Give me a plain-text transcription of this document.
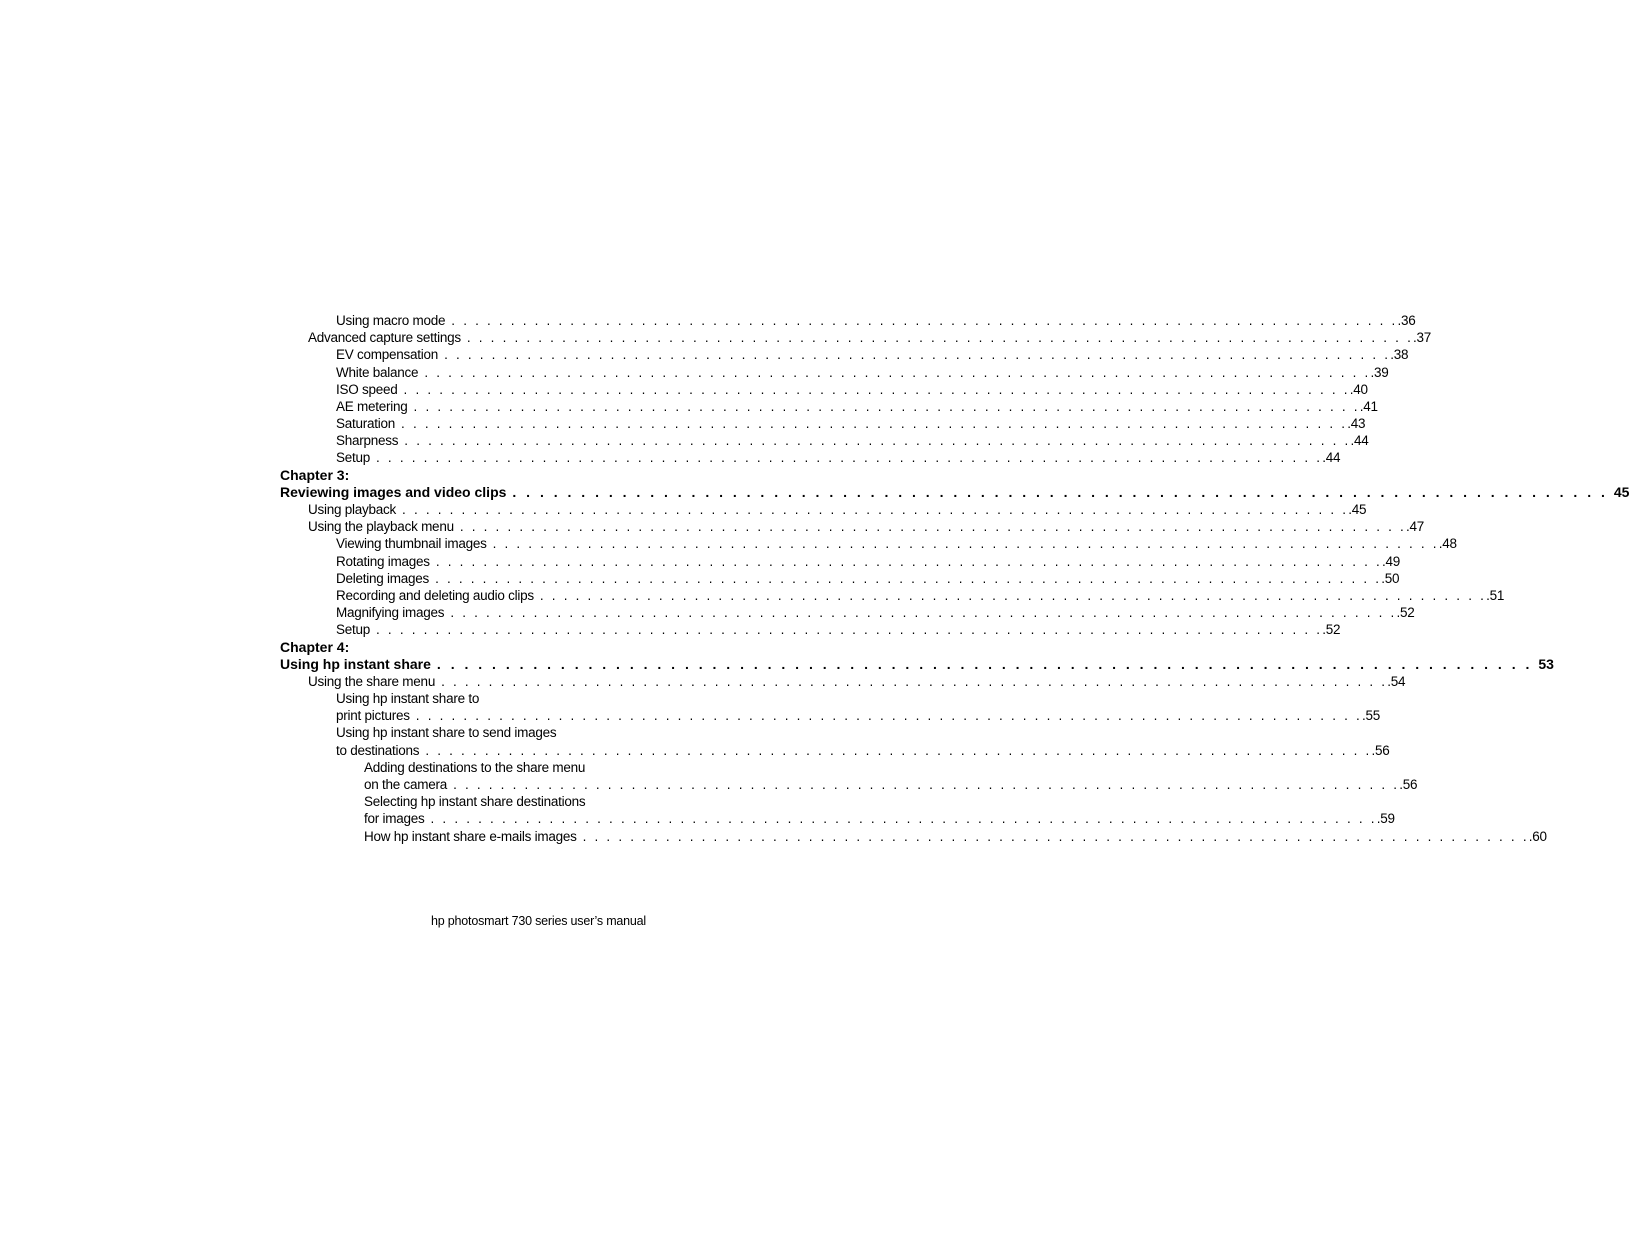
Using macro mode . . . . . . . . . . . . . . . . . . . . . . . . . . . . . . . . . . . . . . . . . . . . . . . . . . . . . . . . . . . . . . . . . . . . . . . . . . . . . . . . .36
Advanced capture settings . . . . . . . . . . . . . . . . . . . . . . . . . . . . . . . . . . . . . . . . . . . . . . . . . . . . . . . . . . . . . . . . . . . . . . . . . . . . . . . . .37
EV compensation . . . . . . . . . . . . . . . . . . . . . . . . . . . . . . . . . . . . . . . . . . . . . . . . . . . . . . . . . . . . . . . . . . . . . . . . . . . . . . . . .38
White balance . . . . . . . . . . . . . . . . . . . . . . . . . . . . . . . . . . . . . . . . . . . . . . . . . . . . . . . . . . . . . . . . . . . . . . . . . . . . . . . . .39
ISO speed . . . . . . . . . . . . . . . . . . . . . . . . . . . . . . . . . . . . . . . . . . . . . . . . . . . . . . . . . . . . . . . . . . . . . . . . . . . . . . . . .40
AE metering . . . . . . . . . . . . . . . . . . . . . . . . . . . . . . . . . . . . . . . . . . . . . . . . . . . . . . . . . . . . . . . . . . . . . . . . . . . . . . . . .41
Saturation . . . . . . . . . . . . . . . . . . . . . . . . . . . . . . . . . . . . . . . . . . . . . . . . . . . . . . . . . . . . . . . . . . . . . . . . . . . . . . . . .43
Sharpness . . . . . . . . . . . . . . . . . . . . . . . . . . . . . . . . . . . . . . . . . . . . . . . . . . . . . . . . . . . . . . . . . . . . . . . . . . . . . . . . .44
Setup . . . . . . . . . . . . . . . . . . . . . . . . . . . . . . . . . . . . . . . . . . . . . . . . . . . . . . . . . . . . . . . . . . . . . . . . . . . . . . . . .44
Chapter 3:
Reviewing images and video clips . . . . . . . . . . . . . . . . . . . . . . . . . . . . . . . . . . . . . . . . . . . . . . . . . . . . . . . . . . . . . . . . . . . . . . . . . . . . . . . . 45
Using playback . . . . . . . . . . . . . . . . . . . . . . . . . . . . . . . . . . . . . . . . . . . . . . . . . . . . . . . . . . . . . . . . . . . . . . . . . . . . . . . . .45
Using the playback menu . . . . . . . . . . . . . . . . . . . . . . . . . . . . . . . . . . . . . . . . . . . . . . . . . . . . . . . . . . . . . . . . . . . . . . . . . . . . . . . . .47
Viewing thumbnail images . . . . . . . . . . . . . . . . . . . . . . . . . . . . . . . . . . . . . . . . . . . . . . . . . . . . . . . . . . . . . . . . . . . . . . . . . . . . . . . . .48
Rotating images . . . . . . . . . . . . . . . . . . . . . . . . . . . . . . . . . . . . . . . . . . . . . . . . . . . . . . . . . . . . . . . . . . . . . . . . . . . . . . . . .49
Deleting images . . . . . . . . . . . . . . . . . . . . . . . . . . . . . . . . . . . . . . . . . . . . . . . . . . . . . . . . . . . . . . . . . . . . . . . . . . . . . . . . .50
Recording and deleting audio clips . . . . . . . . . . . . . . . . . . . . . . . . . . . . . . . . . . . . . . . . . . . . . . . . . . . . . . . . . . . . . . . . . . . . . . . . . . . . . . . . .51
Magnifying images . . . . . . . . . . . . . . . . . . . . . . . . . . . . . . . . . . . . . . . . . . . . . . . . . . . . . . . . . . . . . . . . . . . . . . . . . . . . . . . . .52
Setup . . . . . . . . . . . . . . . . . . . . . . . . . . . . . . . . . . . . . . . . . . . . . . . . . . . . . . . . . . . . . . . . . . . . . . . . . . . . . . . . .52
Chapter 4:
Using hp instant share . . . . . . . . . . . . . . . . . . . . . . . . . . . . . . . . . . . . . . . . . . . . . . . . . . . . . . . . . . . . . . . . . . . . . . . . . . . . . . . . 53
Using the share menu . . . . . . . . . . . . . . . . . . . . . . . . . . . . . . . . . . . . . . . . . . . . . . . . . . . . . . . . . . . . . . . . . . . . . . . . . . . . . . . . .54
Using hp instant share to
print pictures . . . . . . . . . . . . . . . . . . . . . . . . . . . . . . . . . . . . . . . . . . . . . . . . . . . . . . . . . . . . . . . . . . . . . . . . . . . . . . . . .55
Using hp instant share to send images
to destinations . . . . . . . . . . . . . . . . . . . . . . . . . . . . . . . . . . . . . . . . . . . . . . . . . . . . . . . . . . . . . . . . . . . . . . . . . . . . . . . . .56
Adding destinations to the share menu
on the camera . . . . . . . . . . . . . . . . . . . . . . . . . . . . . . . . . . . . . . . . . . . . . . . . . . . . . . . . . . . . . . . . . . . . . . . . . . . . . . . . .56
Selecting hp instant share destinations
for images . . . . . . . . . . . . . . . . . . . . . . . . . . . . . . . . . . . . . . . . . . . . . . . . . . . . . . . . . . . . . . . . . . . . . . . . . . . . . . . . .59
How hp instant share e-mails images . . . . . . . . . . . . . . . . . . . . . . . . . . . . . . . . . . . . . . . . . . . . . . . . . . . . . . . . . . . . . . . . . . . . . . . . . . . . . . . . .60
hp photosmart 730 series user’s manual
